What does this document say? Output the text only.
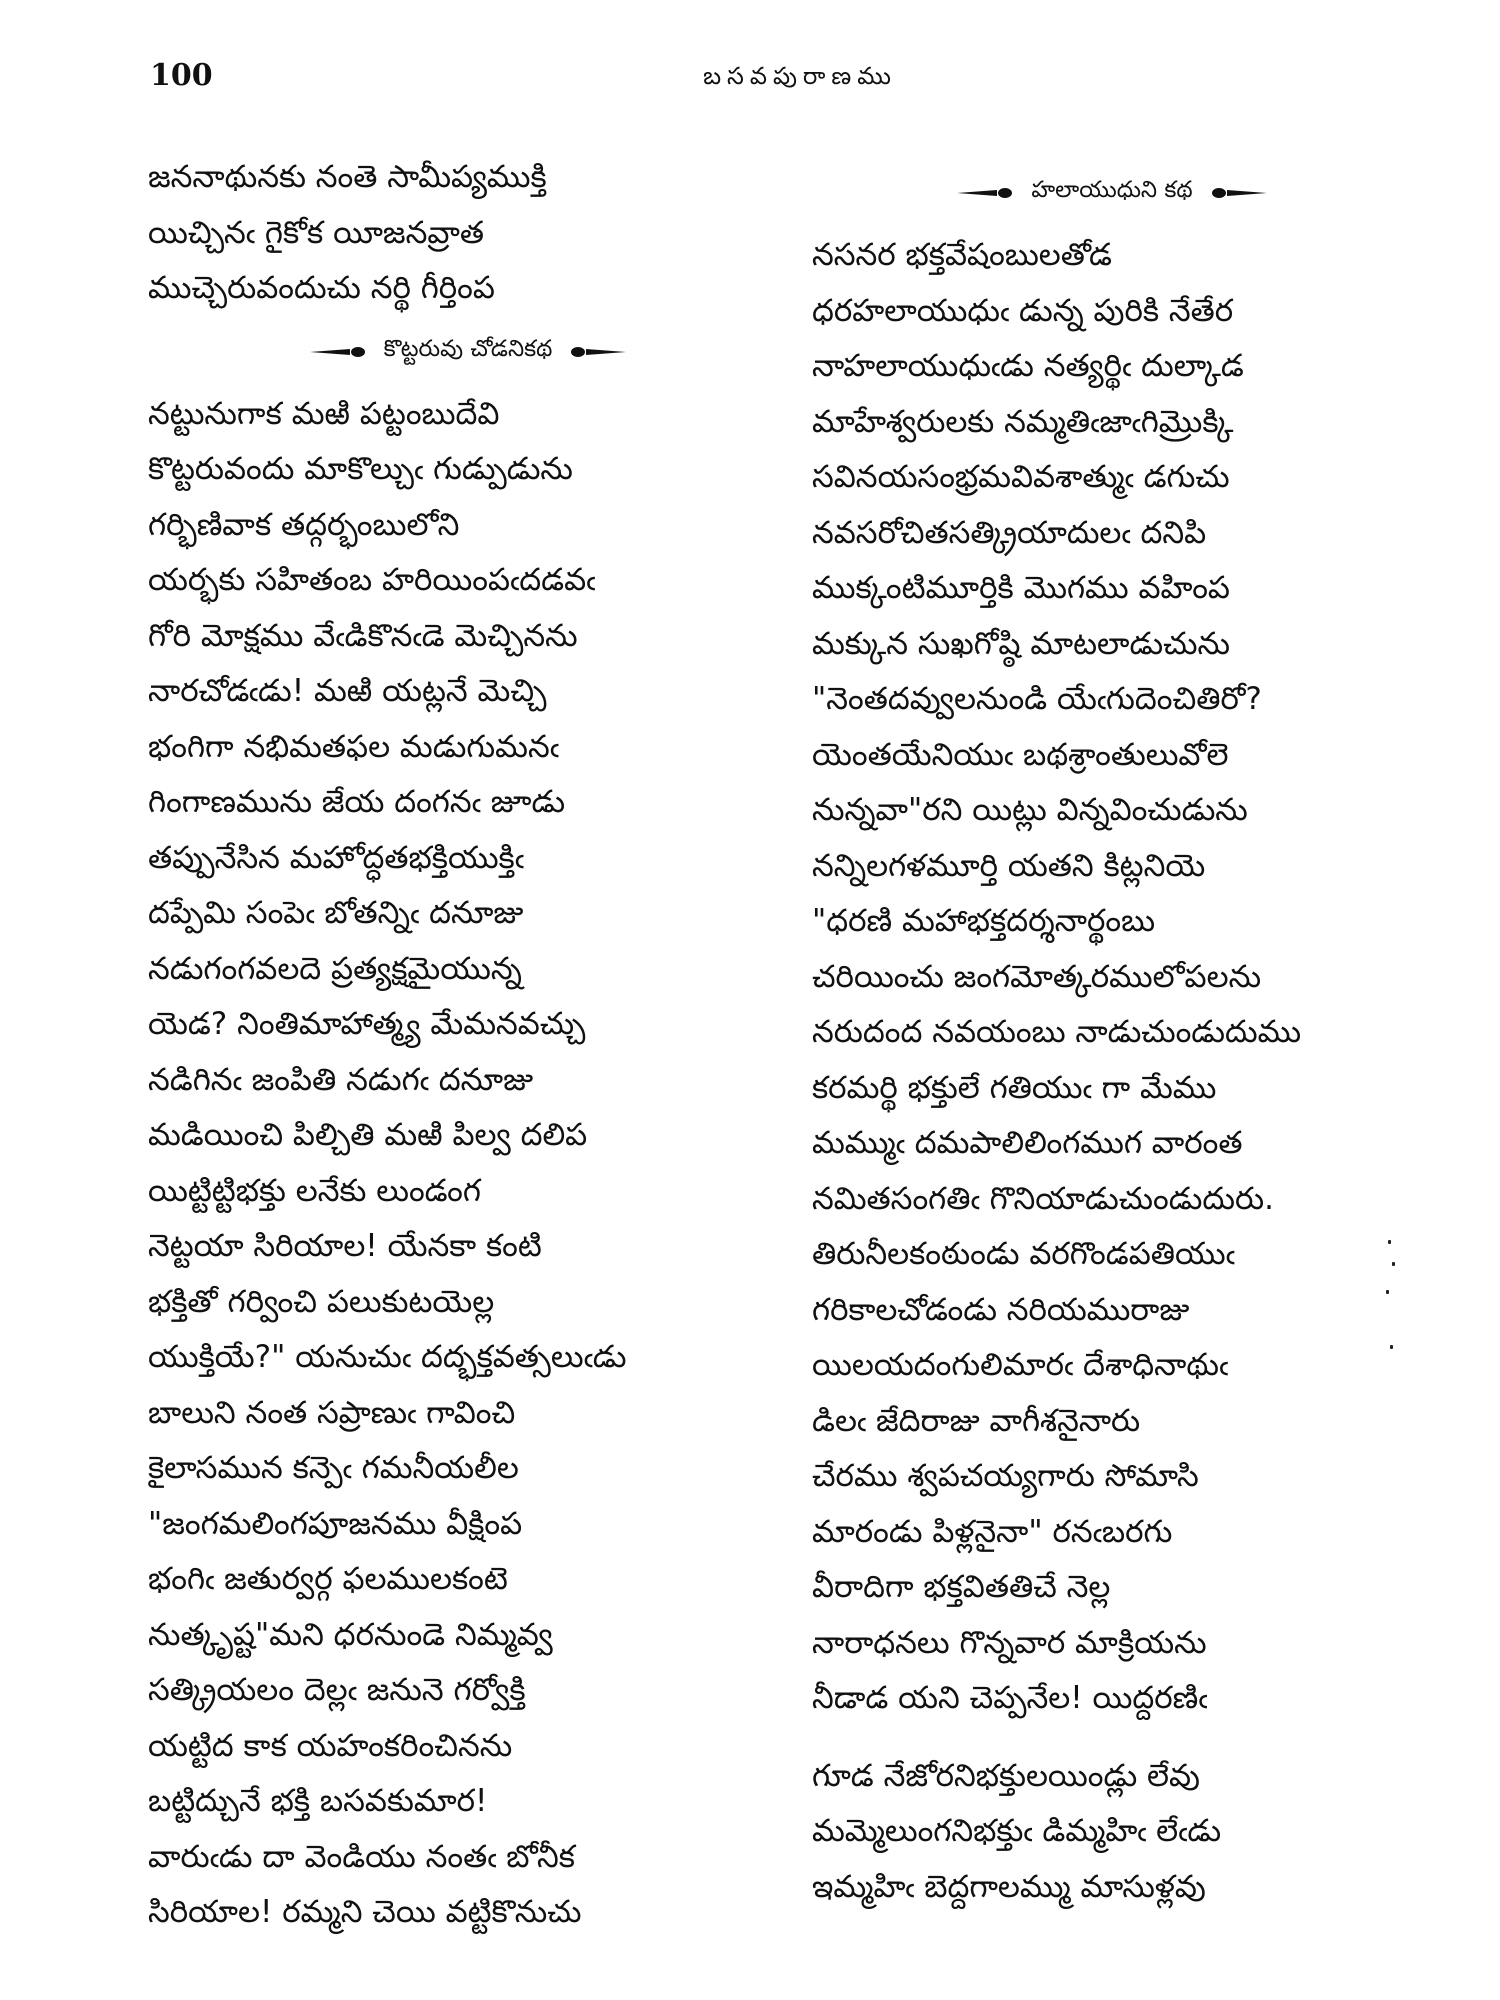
100	బసవపురాణము
జననాథునకు నంతె సామీప్యముక్తి
యిచ్చినఁ గైకోక యీజనవ్రాత
ముచ్చెరువందుచు నర్థి గీర్తింప
కొట్టరువు చోడనికథ
నట్టునుగాక మఱి పట్టంబుదేవి
కొట్టరువందు మాకొల్చుఁ గుడ్పుడును
గర్భిణివాక తద్గర్భంబులోని
యర్భకు సహితంబ హరియింపఁదడవఁ
గోరి మోక్షము వేఁడికొనఁడె మెచ్చినను
నారచోడఁడు! మఱి యట్లనే మెచ్చి
భంగిగా నభిమతఫల మడుగుమనఁ
గింగాణమును జేయ దంగనఁ జూడు
తప్పునేసిన మహోద్ధతభక్తియుక్తిఁ
దప్పేమి సంపెఁ బోతన్నిఁ దనూజు
నడుగంగవలదె ప్రత్యక్షమైయున్న
యెడ? నింతిమాహాత్మ్య మేమనవచ్చు
నడిగినఁ జంపితి నడుగఁ దనూజు
మడియించి పిల్చితి మఱి పిల్వ దలిప
యిట్టిట్టిభక్తు లనేకు లుండంగ
నెట్టయా సిరియాల! యేనకా కంటి
భక్తితో గర్వించి పలుకుటయెల్ల
యుక్తియే?" యనుచుఁ దద్భక్తవత్సలుఁడు
బాలుని నంత సప్రాణుఁ గావించి
కైలాసమున కన్పెఁ గమనీయలీల
"జంగమలింగపూజనము వీక్షింప
భంగిఁ జతుర్వర్గ ఫలములకంటె
నుత్కృష్ట"మని ధరనుండె నిమ్మవ్వ
సత్క్రియలం దెల్లఁ జనునె గర్వోక్తి
యట్టిద కాక యహంకరించినను
బట్టిద్చునే భక్తి బసవకుమార!
వారుఁడు దా వెండియు నంతఁ బోనీక
సిరియాల! రమ్మని చెయి వట్టికొనుచు
హలాయుధుని కథ
నసనర భక్తవేషంబులతోడ
ధరహలాయుధుఁ డున్న పురికి నేతేర
నాహలాయుధుఁడు నత్యర్థిఁ దుల్కాడ
మాహేశ్వరులకు నమ్మతిఁజాఁగిమ్రొక్కి
సవినయసంభ్రమవివశాత్ముఁ డగుచు
నవసరోచితసత్క్రియాదులఁ దనిపి
ముక్కంటిమూర్తికి మొగము వహింప
మక్కున సుఖగోష్ఠి మాటలాడుచును
"నెంతదవ్వులనుండి యేఁగుదెంచితిరో?
యెంతయేనియుఁ బథశ్రాంతులువోలె
నున్నవా"రని యిట్లు విన్నవించుడును
నన్నిలగళమూర్తి యతని కిట్లనియె
"ధరణి మహాభక్తదర్శనార్థంబు
చరియించు జంగమోత్కరములోపలను
నరుదంద నవయంబు నాడుచుండుదుము
కరమర్థి భక్తులే గతియుఁ గా మేము
మమ్ముఁ దమపాలిలింగముగ వారంత
నమితసంగతిఁ గొనియాడుచుండుదురు.
తిరునీలకంఠుండు వరగొండపతియుఁ
గరికాలచోడండు నరియమురాజు
యిలయదంగులిమారఁ దేశాధినాథుఁ
డిలఁ జేదిరాజు వాగీశనైనారు
చేరము శ్వపచయ్యగారు సోమాసి
మారండు పిళ్లనైనా" రనఁబరగు
వీరాదిగా భక్తవితతిచే నెల్ల
నారాధనలు గొన్నవార మాక్రియను
నీడాడ యని చెప్పనేల! యిద్దరణిఁ
గూడ నేజోరనిభక్తులయిండ్లు లేవు
మమ్మెలుంగనిభక్తుఁ డిమ్మహిఁ లేఁడు
ఇమ్మహిఁ బెద్దగాలమ్ము మాసుళ్లవు
